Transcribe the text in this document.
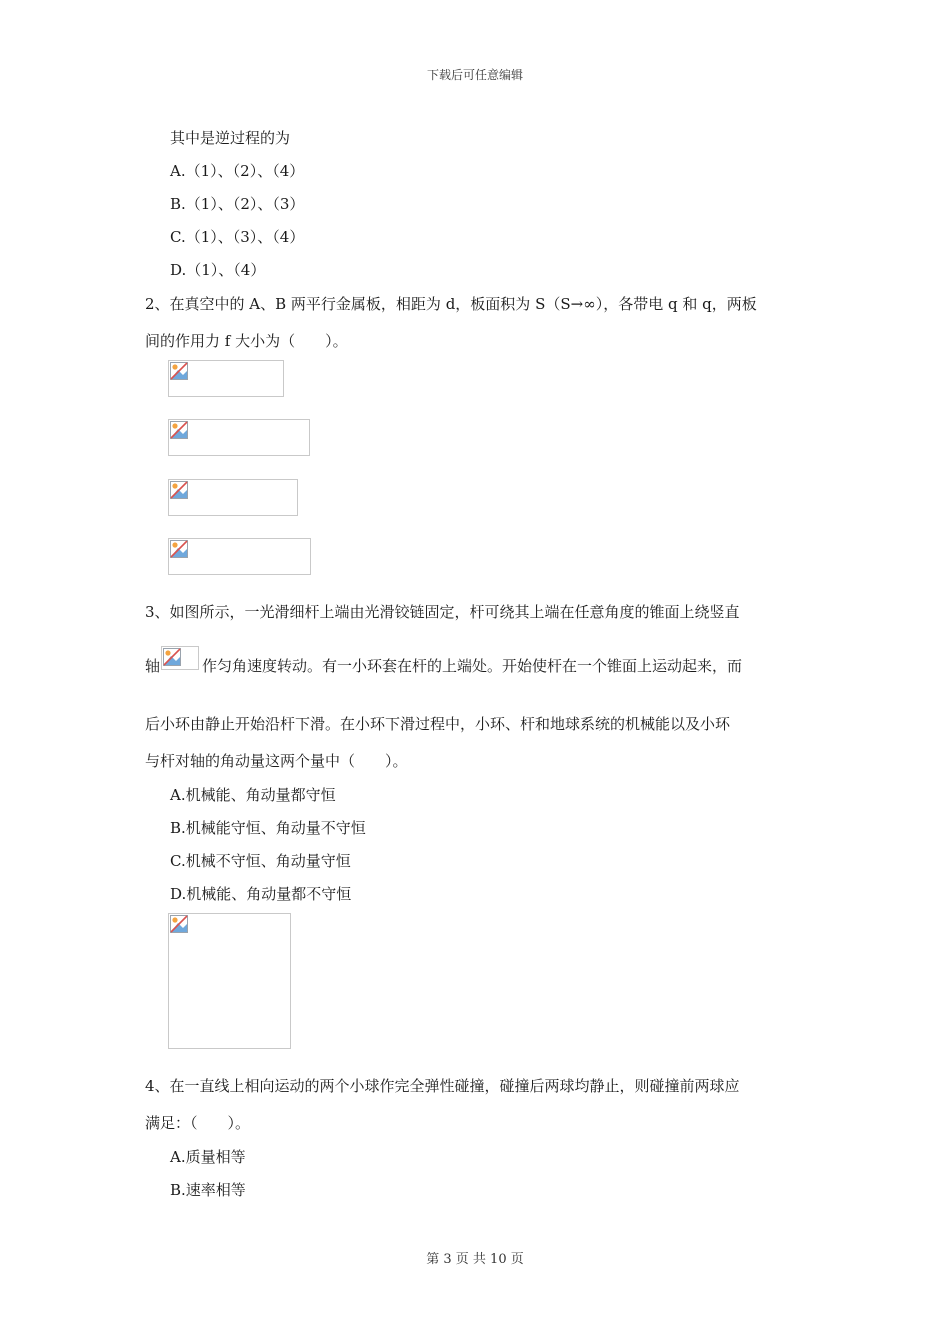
下载后可任意编辑
其中是逆过程的为
A.（1）、（2）、（4）
B.（1）、（2）、（3）
C.（1）、（3）、（4）
D.（1）、（4）
2、在真空中的 A、B 两平行金属板，相距为 d，板面积为 S（S→∞），各带电 q 和 q，两板
间的作用力 f 大小为（　　）。
3、如图所示，一光滑细杆上端由光滑铰链固定，杆可绕其上端在任意角度的锥面上绕竖直
轴	作匀角速度转动。有一小环套在杆的上端处。开始使杆在一个锥面上运动起来，而
后小环由静止开始沿杆下滑。在小环下滑过程中，小环、杆和地球系统的机械能以及小环
与杆对轴的角动量这两个量中（　　）。
A.机械能、角动量都守恒
B.机械能守恒、角动量不守恒
C.机械不守恒、角动量守恒
D.机械能、角动量都不守恒
4、在一直线上相向运动的两个小球作完全弹性碰撞，碰撞后两球均静止，则碰撞前两球应
满足：（　　）。
A.质量相等
B.速率相等
第 3 页 共 10 页
